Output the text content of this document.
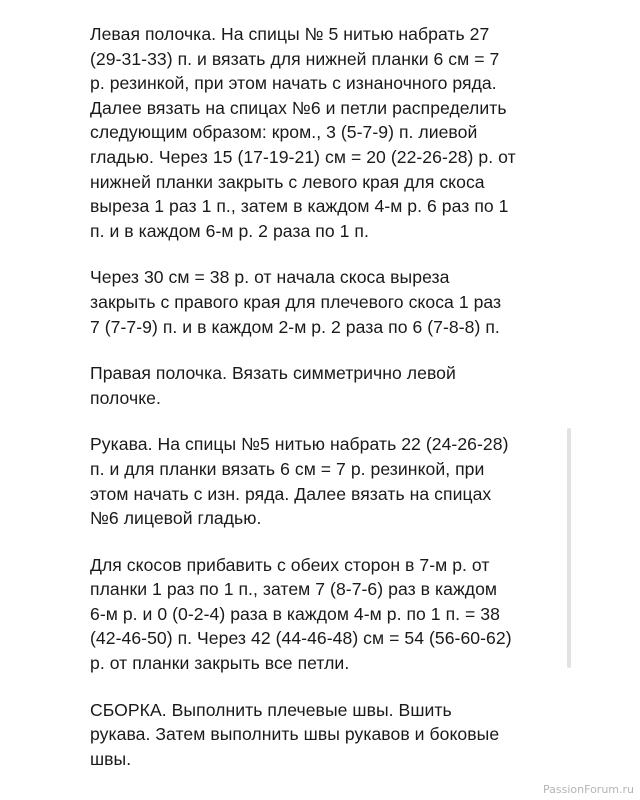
Левая полочка. На спицы № 5 нитью набрать 27
(29-31-33) п. и вязать для нижней планки 6 см = 7
р. резинкой, при этом начать с изнаночного ряда.
Далее вязать на спицах №6 и петли распределить
следующим образом: кром., 3 (5-7-9) п. лиевой
гладью. Через 15 (17-19-21) см = 20 (22-26-28) р. от
нижней планки закрыть с левого края для скоса
выреза 1 раз 1 п., затем в каждом 4-м р. 6 раз по 1
п. и в каждом 6-м р. 2 раза по 1 п.

Через 30 см = 38 р. от начала скоса выреза
закрыть с правого края для плечевого скоса 1 раз
7 (7-7-9) п. и в каждом 2-м р. 2 раза по 6 (7-8-8) п.

Правая полочка. Вязать симметрично левой
полочке.

Рукава. На спицы №5 нитью набрать 22 (24-26-28)
п. и для планки вязать 6 см = 7 р. резинкой, при
этом начать с изн. ряда. Далее вязать на спицах
№6 лицевой гладью.

Для скосов прибавить с обеих сторон в 7-м р. от
планки 1 раз по 1 п., затем 7 (8-7-6) раз в каждом
6-м р. и 0 (0-2-4) раза в каждом 4-м р. по 1 п. = 38
(42-46-50) п. Через 42 (44-46-48) см = 54 (56-60-62)
р. от планки закрыть все петли.

СБОРКА. Выполнить плечевые швы. Вшить
рукава. Затем выполнить швы рукавов и боковые
швы.

PassionForum.ru
